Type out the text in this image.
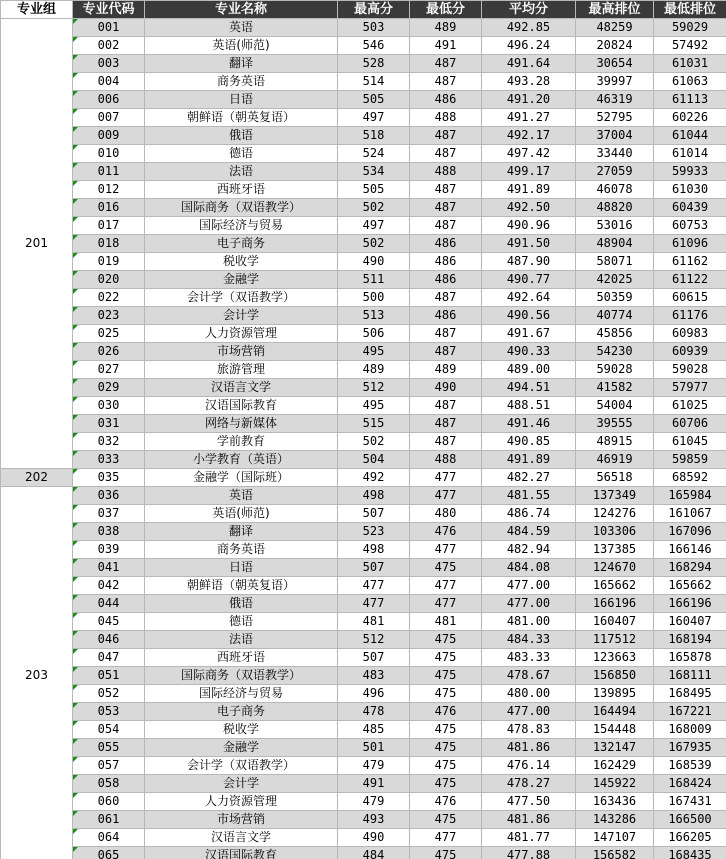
专业组	专业代码	专业名称	最高分	最低分	平均分	最高排位	最低排位
201	001	英语	503	489	492.85	48259	59029

002	英语(师范)	546	491	496.24	20824	57492

003	翻译	528	487	491.64	30654	61031

004	商务英语	514	487	493.28	39997	61063

006	日语	505	486	491.20	46319	61113

007	朝鲜语（朝英复语）	497	488	491.27	52795	60226

009	俄语	518	487	492.17	37004	61044

010	德语	524	487	497.42	33440	61014

011	法语	534	488	499.17	27059	59933

012	西班牙语	505	487	491.89	46078	61030

016	国际商务（双语教学）	502	487	492.50	48820	60439

017	国际经济与贸易	497	487	490.96	53016	60753

018	电子商务	502	486	491.50	48904	61096

019	税收学	490	486	487.90	58071	61162

020	金融学	511	486	490.77	42025	61122

022	会计学（双语教学）	500	487	492.64	50359	60615

023	会计学	513	486	490.56	40774	61176

025	人力资源管理	506	487	491.67	45856	60983

026	市场营销	495	487	490.33	54230	60939

027	旅游管理	489	489	489.00	59028	59028

029	汉语言文学	512	490	494.51	41582	57977

030	汉语国际教育	495	487	488.51	54004	61025

031	网络与新媒体	515	487	491.46	39555	60706

032	学前教育	502	487	490.85	48915	61045

033	小学教育（英语）	504	488	491.89	46919	59859
202	035	金融学（国际班）	492	477	482.27	56518	68592
203	036	英语	498	477	481.55	137349	165984

037	英语(师范)	507	480	486.74	124276	161067

038	翻译	523	476	484.59	103306	167096

039	商务英语	498	477	482.94	137385	166146

041	日语	507	475	484.08	124670	168294

042	朝鲜语（朝英复语）	477	477	477.00	165662	165662

044	俄语	477	477	477.00	166196	166196

045	德语	481	481	481.00	160407	160407

046	法语	512	475	484.33	117512	168194

047	西班牙语	507	475	483.33	123663	165878

051	国际商务（双语教学）	483	475	478.67	156850	168111

052	国际经济与贸易	496	475	480.00	139895	168495

053	电子商务	478	476	477.00	164494	167221

054	税收学	485	475	478.83	154448	168009

055	金融学	501	475	481.86	132147	167935

057	会计学（双语教学）	479	475	476.14	162429	168539

058	会计学	491	475	478.27	145922	168424

060	人力资源管理	479	476	477.50	163436	167431

061	市场营销	493	475	481.86	143286	166500

064	汉语言文学	490	477	481.77	147107	166205

065	汉语国际教育	484	475	477.88	156582	168435
